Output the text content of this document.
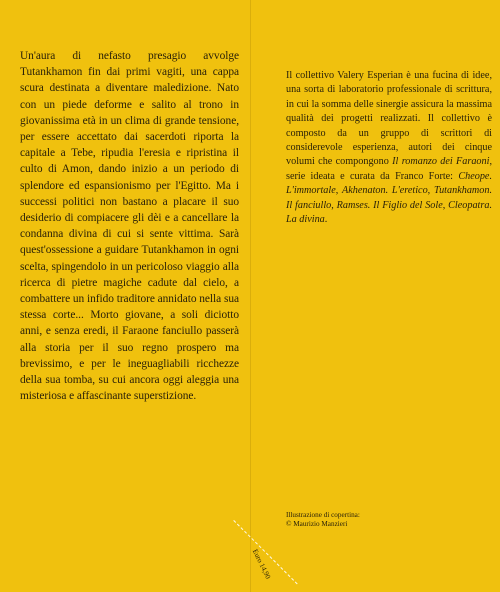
Un'aura di nefasto presagio avvolge Tutankhamon fin dai primi vagiti, una cappa scura destinata a diventare maledizione. Nato con un piede deforme e salito al trono in giovanissima età in un clima di grande tensione, per essere accettato dai sacerdoti riporta la capitale a Tebe, ripudia l'eresia e ripristina il culto di Amon, dando inizio a un periodo di splendore ed espansionismo per l'Egitto. Ma i successi politici non bastano a placare il suo desiderio di compiacere gli dèi e a cancellare la condanna divina di cui si sente vittima. Sarà quest'ossessione a guidare Tutankhamon in ogni scelta, spingendolo in un pericoloso viaggio alla ricerca di pietre magiche cadute dal cielo, a combattere un infido traditore annidato nella sua stessa corte... Morto giovane, a soli diciotto anni, e senza eredi, il Faraone fanciullo passerà alla storia per il suo regno prospero ma brevissimo, e per le ineguagliabili ricchezze della sua tomba, su cui ancora oggi aleggia una misteriosa e affascinante superstizione.

Il collettivo Valery Esperian è una fucina di idee, una sorta di laboratorio professionale di scrittura, in cui la somma delle sinergie assicura la massima qualità dei progetti realizzati. Il collettivo è composto da un gruppo di scrittori di considerevole esperienza, autori dei cinque volumi che compongono Il romanzo dei Faraoni, serie ideata e curata da Franco Forte: Cheope. L'immortale, Akhenaton. L'eretico, Tutankhamon. Il fanciullo, Ramses. Il Figlio del Sole, Cleopatra. La divina.

Illustrazione di copertina:
© Maurizio Manzieri
Euro 14,90
